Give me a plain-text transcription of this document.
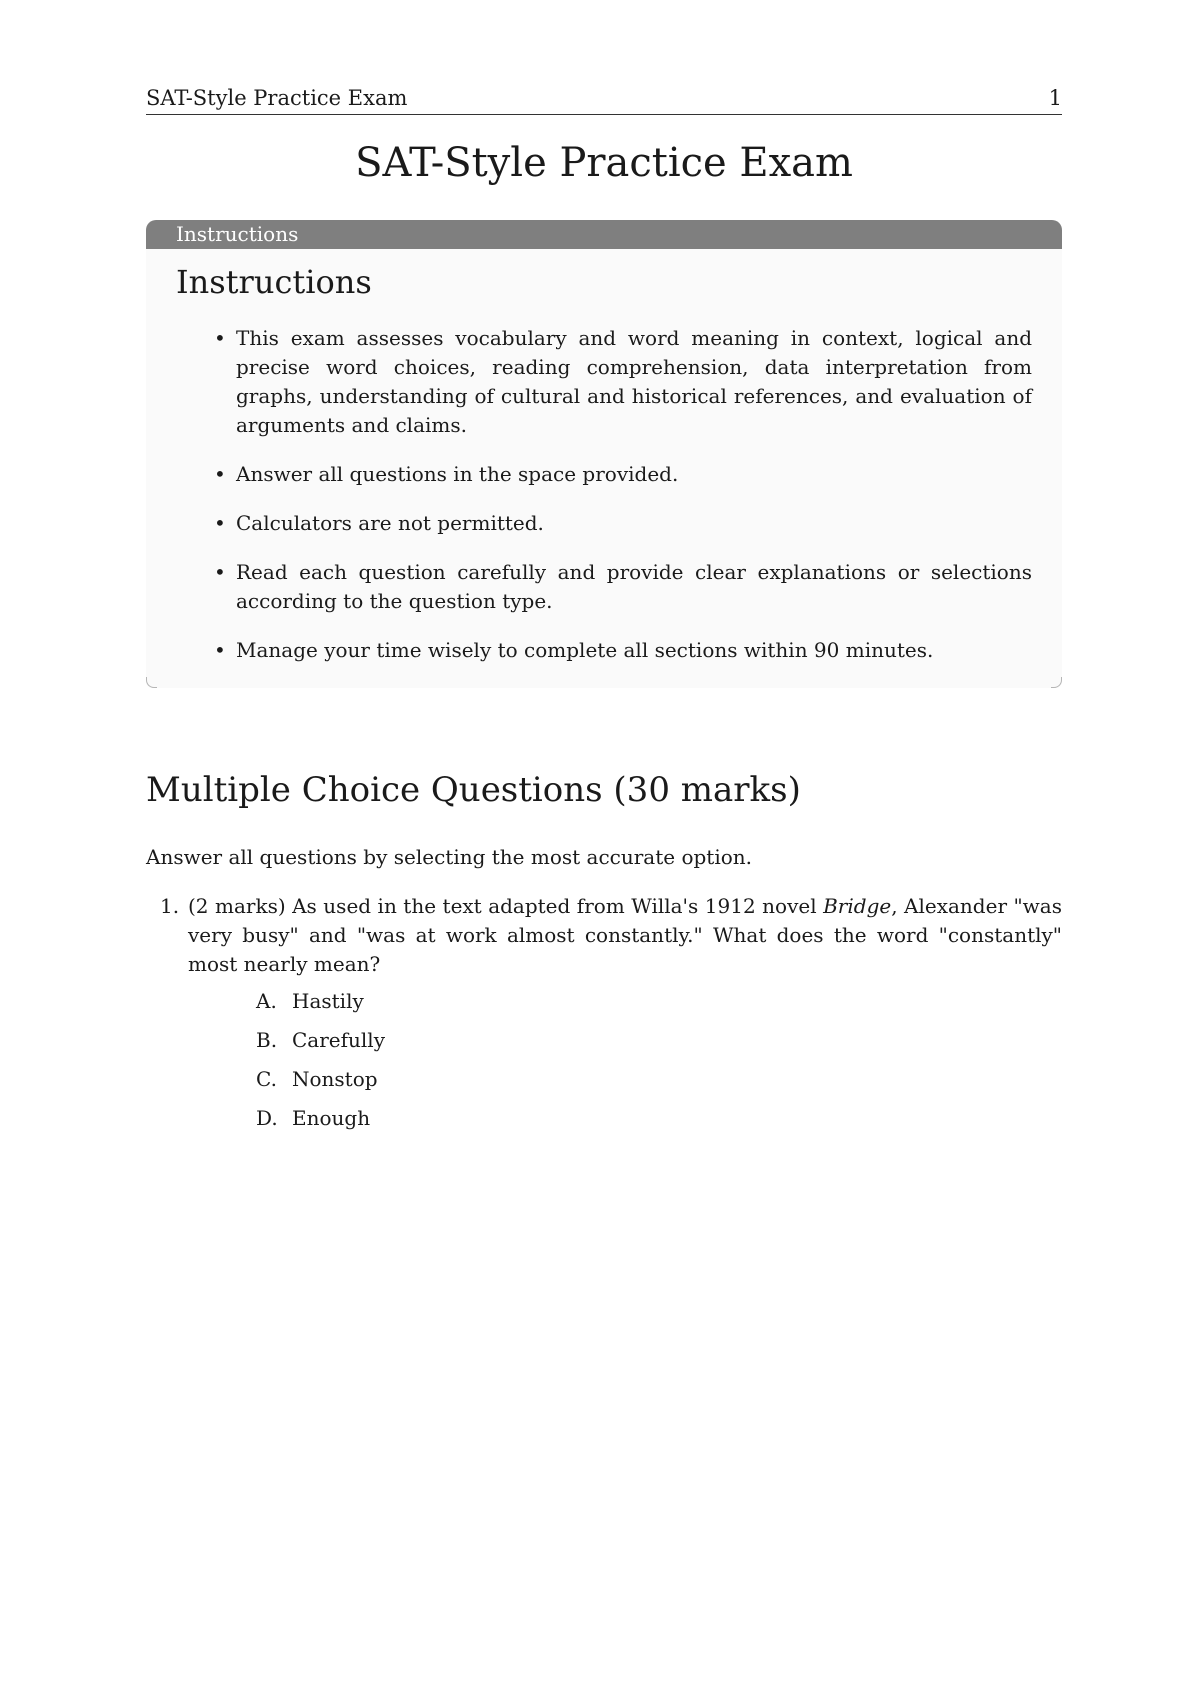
SAT-Style Practice Exam	1
SAT-Style Practice Exam
Instructions
Instructions
• This exam assesses vocabulary and word meaning in context, logical and precise word choices, reading comprehension, data interpretation from graphs, understanding of cultural and historical references, and evaluation of arguments and claims.
• Answer all questions in the space provided.
• Calculators are not permitted.
• Read each question carefully and provide clear explanations or selections according to the question type.
• Manage your time wisely to complete all sections within 90 minutes.
Multiple Choice Questions (30 marks)
Answer all questions by selecting the most accurate option.
1. (2 marks) As used in the text adapted from Willa's 1912 novel Bridge, Alexander "was very busy" and "was at work almost constantly." What does the word "constantly" most nearly mean?
A. Hastily
B. Carefully
C. Nonstop
D. Enough
